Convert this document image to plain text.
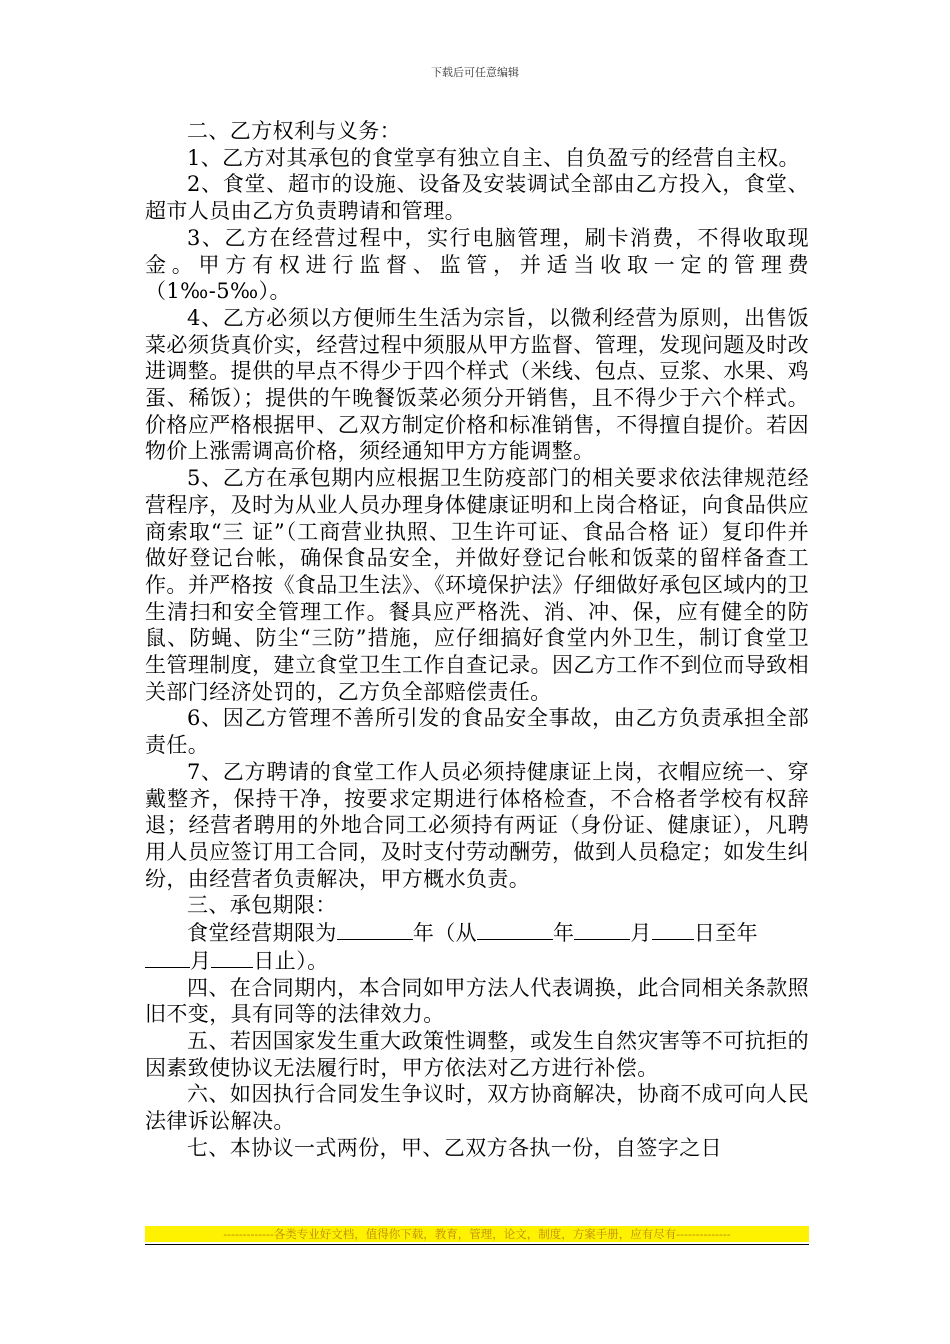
下载后可任意编辑

二、乙方权利与义务：

1、乙方对其承包的食堂享有独立自主、自负盈亏的经营自主权。

2、食堂、超市的设施、设备及安装调试全部由乙方投入，食堂、超市人员由乙方负责聘请和管理。

3、乙方在经营过程中，实行电脑管理，刷卡消费，不得收取现金。甲方有权进行监督、监管，并适当收取一定的管理费（1‰-5‰）。

4、乙方必须以方便师生生活为宗旨，以微利经营为原则，出售饭菜必须货真价实，经营过程中须服从甲方监督、管理，发现问题及时改进调整。提供的早点不得少于四个样式（米线、包点、豆浆、水果、鸡蛋、稀饭）；提供的午晚餐饭菜必须分开销售，且不得少于六个样式。价格应严格根据甲、乙双方制定价格和标准销售，不得擅自提价。若因物价上涨需调高价格，须经通知甲方方能调整。

5、乙方在承包期内应根据卫生防疫部门的相关要求依法律规范经营程序，及时为从业人员办理身体健康证明和上岗合格证，向食品供应商索取“三 证”（工商营业执照、卫生许可证、食品合格 证）复印件并做好登记台帐，确保食品安全，并做好登记台帐和饭菜的留样备查工作。并严格按《食品卫生法》、《环境保护法》仔细做好承包区域内的卫生清扫和安全管理工作。餐具应严格洗、消、冲、保，应有健全的防鼠、防蝇、防尘“三防”措施，应仔细搞好食堂内外卫生，制订食堂卫生管理制度，建立食堂卫生工作自查记录。因乙方工作不到位而导致相关部门经济处罚的，乙方负全部赔偿责任。

6、因乙方管理不善所引发的食品安全事故，由乙方负责承担全部责任。

7、乙方聘请的食堂工作人员必须持健康证上岗，衣帽应统一、穿戴整齐，保持干净，按要求定期进行体格检查，不合格者学校有权辞退；经营者聘用的外地合同工必须持有两证（身份证、健康证），凡聘用人员应签订用工合同，及时支付劳动酬劳，做到人员稳定；如发生纠纷，由经营者负责解决，甲方概水负责。

三、承包期限：

食堂经营期限为	年（从	年	月 日至年

月 日止）。

四、在合同期内，本合同如甲方法人代表调换，此合同相关条款照旧不变，具有同等的法律效力。

五、若因国家发生重大政策性调整，或发生自然灾害等不可抗拒的因素致使协议无法履行时，甲方依法对乙方进行补偿。

六、如因执行合同发生争议时，双方协商解决，协商不成可向人民法律诉讼解决。

七、本协议一式两份，甲、乙双方各执一份，自签字之日

-------------各类专业好文档，值得你下载，教育，管理，论文，制度，方案手册，应有尽有--------------
